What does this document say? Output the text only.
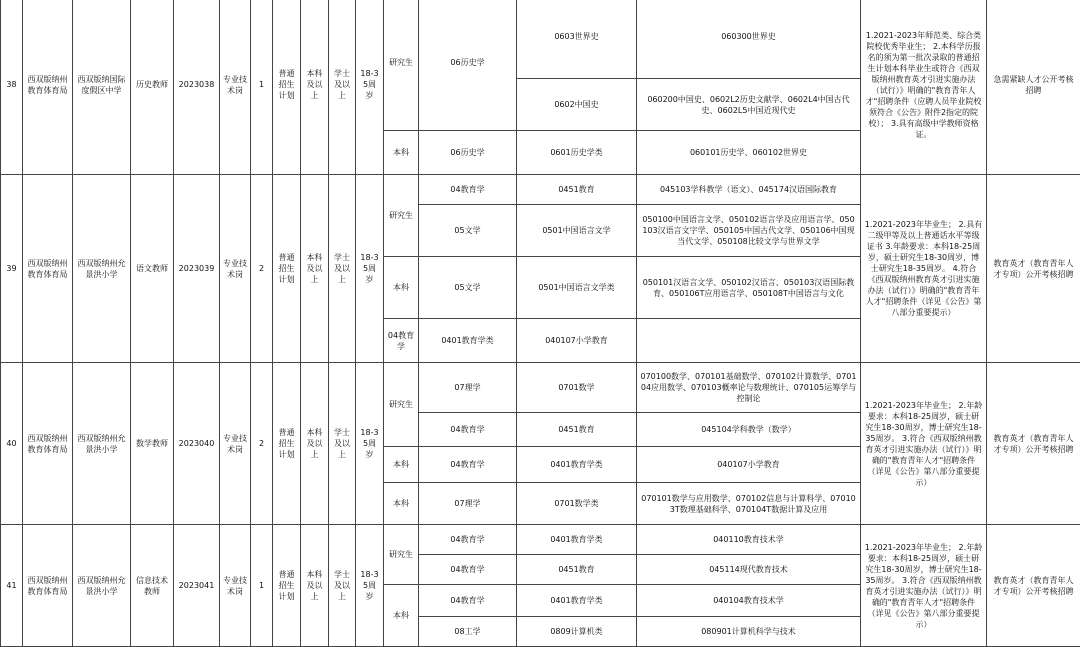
38	西双版纳州教育体育局	西双版纳国际度假区中学	历史教师	2023038	专业技术岗	1	普通招生计划	本科及以上	学士及以上	18-35周岁	研究生	06历史学	0603世界史	060300世界史	1.2021-2023年师范类、综合类院校优秀毕业生； 2.本科学历报名的须为第一批次录取的普通招生计划本科毕业生或符合《西双版纳州教育英才引进实施办法（试行）》明确的"教育青年人才"招聘条件（应聘人员毕业院校须符合《公告》附件2指定的院校）； 3.具有高级中学教师资格证。	急需紧缺人才公开考核招聘
													0602中国史	060200中国史、0602L2历史文献学、0602L4中国古代史、0602L5中国近现代史		
											本科	06历史学	0601历史学类	060101历史学、060102世界史		
39	西双版纳州教育体育局	西双版纳州允景洪小学	语文教师	2023039	专业技术岗	2	普通招生计划	本科及以上	学士及以上	18-35周岁	研究生	04教育学	0451教育	045103学科教学（语文）、045174汉语国际教育	1.2021-2023年毕业生； 2.具有二级甲等及以上普通话水平等级证书 3.年龄要求：本科18-25周岁，硕士研究生18-30周岁，博士研究生18-35周岁。 4.符合《西双版纳州教育英才引进实施办法（试行）》明确的"教育青年人才"招聘条件（详见《公告》第八部分重要提示）	教育英才（教育青年人才专项）公开考核招聘
												05文学	0501中国语言文学	050100中国语言文学、050102语言学及应用语言学、050103汉语言文字学、050105中国古代文学、050106中国现当代文学、050108比较文学与世界文学		
											本科	05文学	0501中国语言文学类	050101汉语言文学、050102汉语言、050103汉语国际教育、050106T应用语言学、050108T中国语言与文化		

											04教育学	0401教育学类	040107小学教育			
40	西双版纳州教育体育局	西双版纳州允景洪小学	数学教师	2023040	专业技术岗	2	普通招生计划	本科及以上	学士及以上	18-35周岁	研究生	07理学	0701数学	070100数学、070101基础数学、070102计算数学、070104应用数学、070103概率论与数理统计、070105运筹学与控制论	1.2021-2023年毕业生； 2.年龄要求：本科18-25周岁，硕士研究生18-30周岁，博士研究生18-35周岁。 3.符合《西双版纳州教育英才引进实施办法（试行）》明确的"教育青年人才"招聘条件（详见《公告》第八部分重要提示）	教育英才（教育青年人才专项）公开考核招聘
												04教育学	0451教育	045104学科教学（数学）		
											本科	04教育学	0401教育学类	040107小学教育		
											本科	07理学	0701数学类	070101数学与应用数学、070102信息与计算科学、070103T数理基础科学、070104T数据计算及应用		
41	西双版纳州教育体育局	西双版纳州允景洪小学	信息技术教师	2023041	专业技术岗	1	普通招生计划	本科及以上	学士及以上	18-35周岁	研究生	04教育学	0401教育学类	040110教育技术学	1.2021-2023年毕业生； 2.年龄要求：本科18-25周岁，硕士研究生18-30周岁，博士研究生18-35周岁。 3.符合《西双版纳州教育英才引进实施办法（试行）》明确的"教育青年人才"招聘条件（详见《公告》第八部分重要提示）	教育英才（教育青年人才专项）公开考核招聘
												04教育学	0451教育	045114现代教育技术		
											本科	04教育学	0401教育学类	040104教育技术学		
												08工学	0809计算机类	080901计算机科学与技术		
